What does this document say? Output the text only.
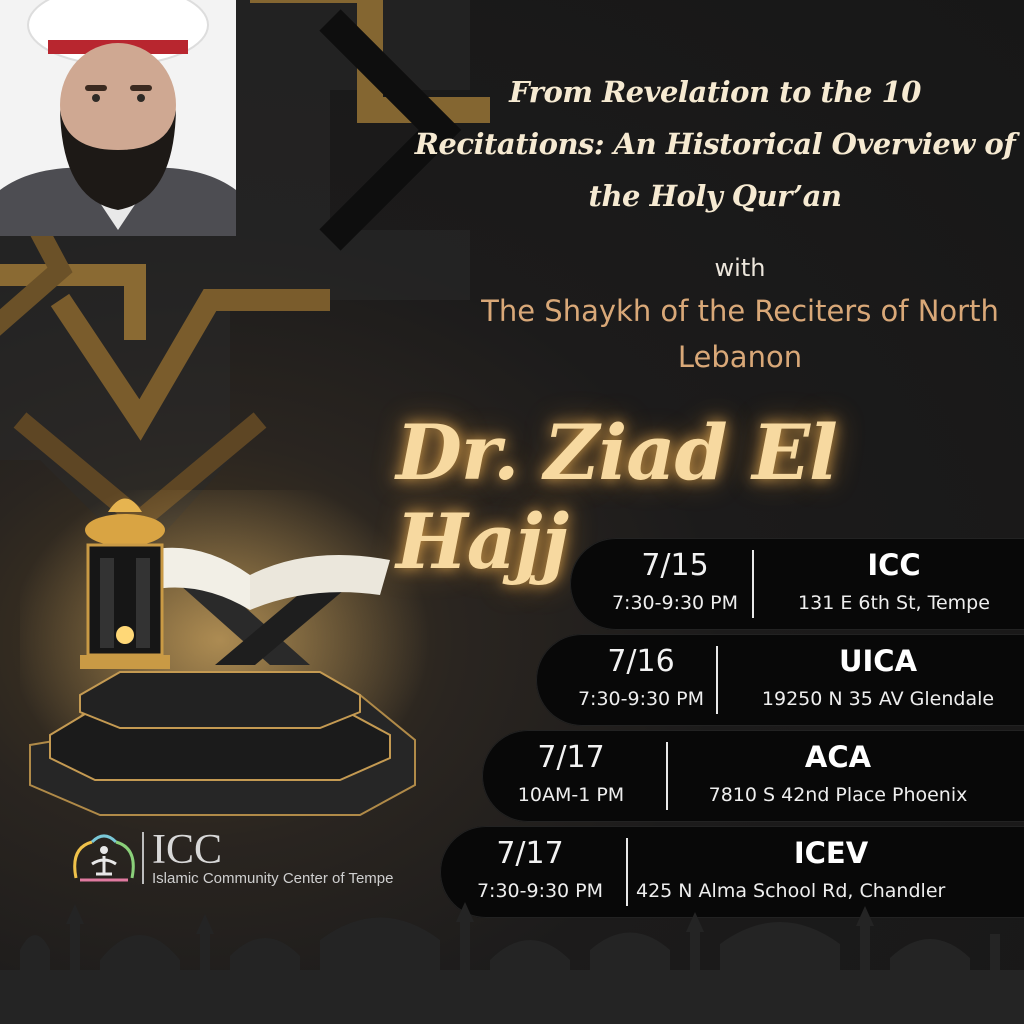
From Revelation to the 10 Recitations: An Historical Overview of the Holy Qur’an
with
The Shaykh of the Reciters of North Lebanon
Dr. Ziad El Hajj	7/15
7:30-9:30 PM
ICC
131 E 6th St, Tempe
7/16
7:30-9:30 PM
UICA
19250 N 35 AV Glendale
7/17
10AM-1 PM
ACA
7810 S 42nd Place Phoenix
7/17
7:30-9:30 PM
ICEV
425 N Alma School Rd, Chandler
ICC
Islamic Community Center of Tempe
